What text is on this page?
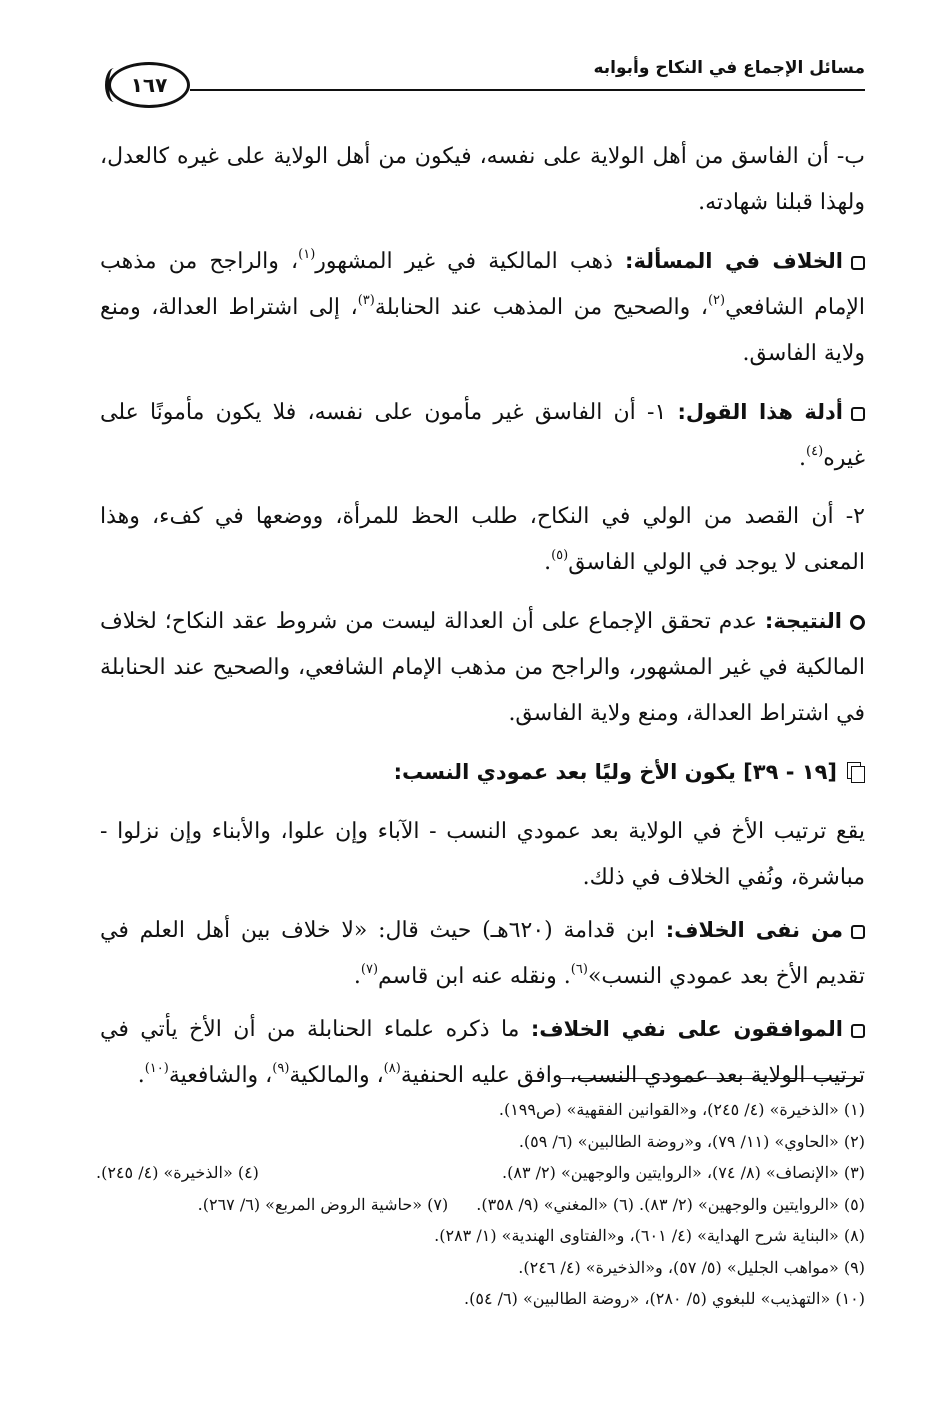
مسائل الإجماع في النكاح وأبوابه
١٦٧

ب- أن الفاسق من أهل الولاية على نفسه، فيكون من أهل الولاية على غيره كالعدل، ولهذا قبلنا شهادته.

الخلاف في المسألة: ذهب المالكية في غير المشهور$^{(١)}$، والراجح من مذهب الإمام الشافعي$^{(٢)}$، والصحيح من المذهب عند الحنابلة$^{(٣)}$، إلى اشتراط العدالة، ومنع ولاية الفاسق.

أدلة هذا القول: ١- أن الفاسق غير مأمون على نفسه، فلا يكون مأمونًا على غيره$^{(٤)}$.

٢- أن القصد من الولي في النكاح، طلب الحظ للمرأة، ووضعها في كفء، وهذا المعنى لا يوجد في الولي الفاسق$^{(٥)}$.

النتيجة: عدم تحقق الإجماع على أن العدالة ليست من شروط عقد النكاح؛ لخلاف المالكية في غير المشهور، والراجح من مذهب الإمام الشافعي، والصحيح عند الحنابلة في اشتراط العدالة، ومنع ولاية الفاسق.

[١٩ - ٣٩] يكون الأخ وليًا بعد عمودي النسب:

يقع ترتيب الأخ في الولاية بعد عمودي النسب - الآباء وإن علوا، والأبناء وإن نزلوا - مباشرة، ونُفي الخلاف في ذلك.

من نفى الخلاف: ابن قدامة (٦٢٠هـ) حيث قال: «لا خلاف بين أهل العلم في تقديم الأخ بعد عمودي النسب»$^{(٦)}$. ونقله عنه ابن قاسم$^{(٧)}$.

الموافقون على نفي الخلاف: ما ذكره علماء الحنابلة من أن الأخ يأتي في ترتيب الولاية بعد عمودي النسب، وافق عليه الحنفية$^{(٨)}$، والمالكية$^{(٩)}$، والشافعية$^{(١٠)}$.

(١) «الذخيرة» (٤/ ٢٤٥)، و«القوانين الفقهية» (ص١٩٩).
(٢) «الحاوي» (١١/ ٧٩)، و«روضة الطالبين» (٦/ ٥٩).
(٣) «الإنصاف» (٨/ ٧٤)، «الروايتين والوجهين» (٢/ ٨٣).
(٤) «الذخيرة» (٤/ ٢٤٥).
(٥) «الروايتين والوجهين» (٢/ ٨٣). (٦) «المغني» (٩/ ٣٥٨).
(٧) «حاشية الروض المربع» (٦/ ٢٦٧).
(٨) «البناية شرح الهداية» (٤/ ٦٠١)، و«الفتاوى الهندية» (١/ ٢٨٣).
(٩) «مواهب الجليل» (٥/ ٥٧)، و«الذخيرة» (٤/ ٢٤٦).
(١٠) «التهذيب» للبغوي (٥/ ٢٨٠)، «روضة الطالبين» (٦/ ٥٤).
